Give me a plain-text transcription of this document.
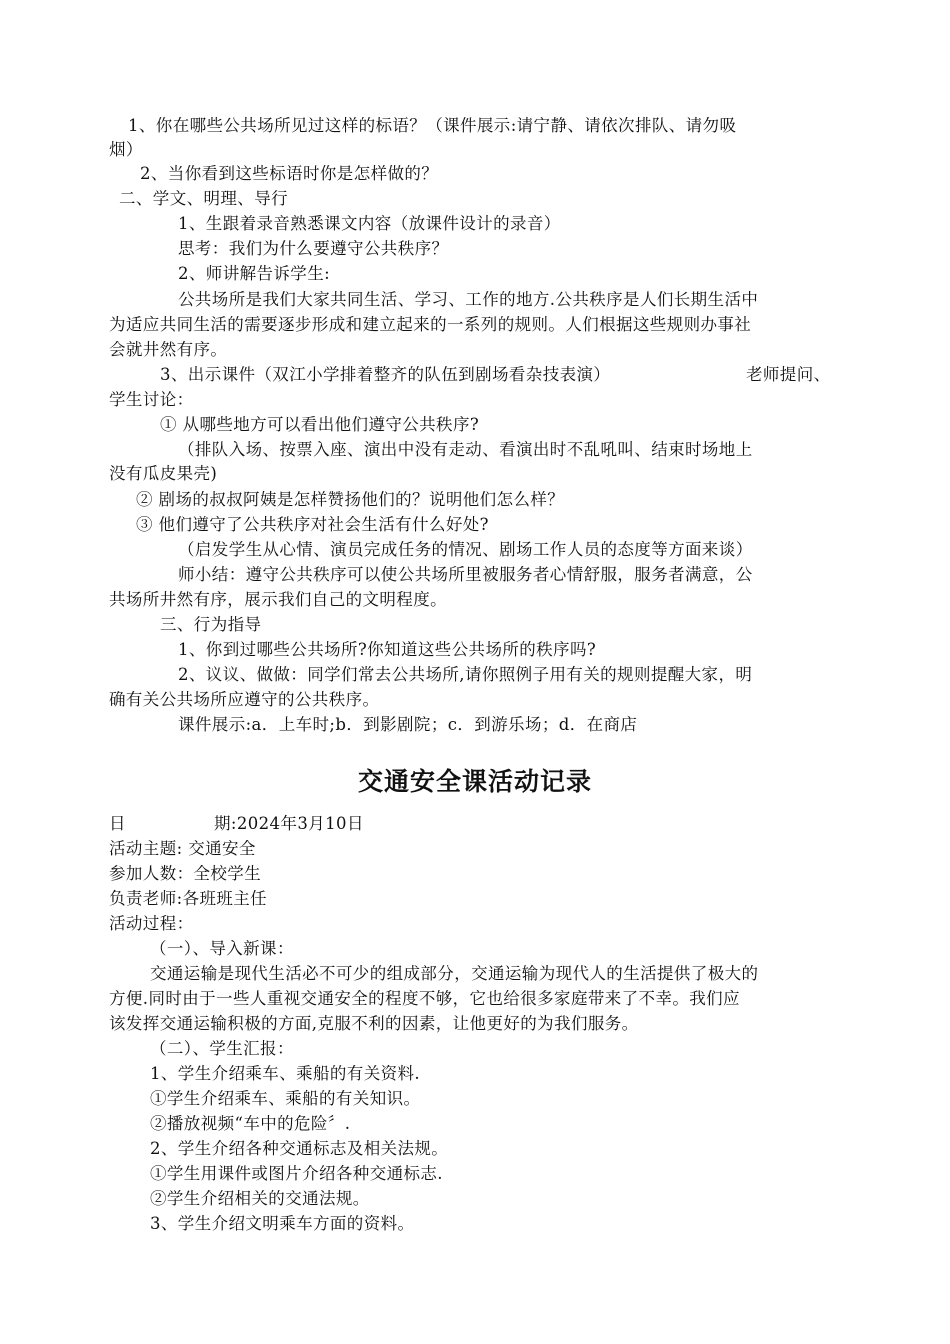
1、你在哪些公共场所见过这样的标语？（课件展示:请宁静、请依次排队、请勿吸
烟）
2、当你看到这些标语时你是怎样做的？
二、学文、明理、导行
1、生跟着录音熟悉课文内容（放课件设计的录音）
思考：我们为什么要遵守公共秩序？
2、师讲解告诉学生:
公共场所是我们大家共同生活、学习、工作的地方.公共秩序是人们长期生活中
为适应共同生活的需要逐步形成和建立起来的一系列的规则。人们根据这些规则办事社
会就井然有序。
3、出示课件（双江小学排着整齐的队伍到剧场看杂技表演）	老师提问、
学生讨论：
① 从哪些地方可以看出他们遵守公共秩序?
（排队入场、按票入座、演出中没有走动、看演出时不乱吼叫、结束时场地上
没有瓜皮果壳)
② 剧场的叔叔阿姨是怎样赞扬他们的？说明他们怎么样？
③ 他们遵守了公共秩序对社会生活有什么好处?
（启发学生从心情、演员完成任务的情况、剧场工作人员的态度等方面来谈）
师小结：遵守公共秩序可以使公共场所里被服务者心情舒服，服务者满意，公
共场所井然有序，展示我们自己的文明程度。
三、行为指导
1、你到过哪些公共场所?你知道这些公共场所的秩序吗?
2、议议、做做：同学们常去公共场所,请你照例子用有关的规则提醒大家，明
确有关公共场所应遵守的公共秩序。
课件展示:a．上车时;b．到影剧院；c．到游乐场；d．在商店
交通安全课活动记录
日	期:2024年3月10日
活动主题: 交通安全
参加人数：全校学生
负责老师:各班班主任
活动过程：
（一）、导入新课：
交通运输是现代生活必不可少的组成部分，交通运输为现代人的生活提供了极大的
方便.同时由于一些人重视交通安全的程度不够，它也给很多家庭带来了不幸。我们应
该发挥交通运输积极的方面,克服不利的因素，让他更好的为我们服务。
（二）、学生汇报：
1、学生介绍乘车、乘船的有关资料.
①学生介绍乘车、乘船的有关知识。
②播放视频“车中的危险〞.
2、学生介绍各种交通标志及相关法规。
①学生用课件或图片介绍各种交通标志.
②学生介绍相关的交通法规。
3、学生介绍文明乘车方面的资料。
